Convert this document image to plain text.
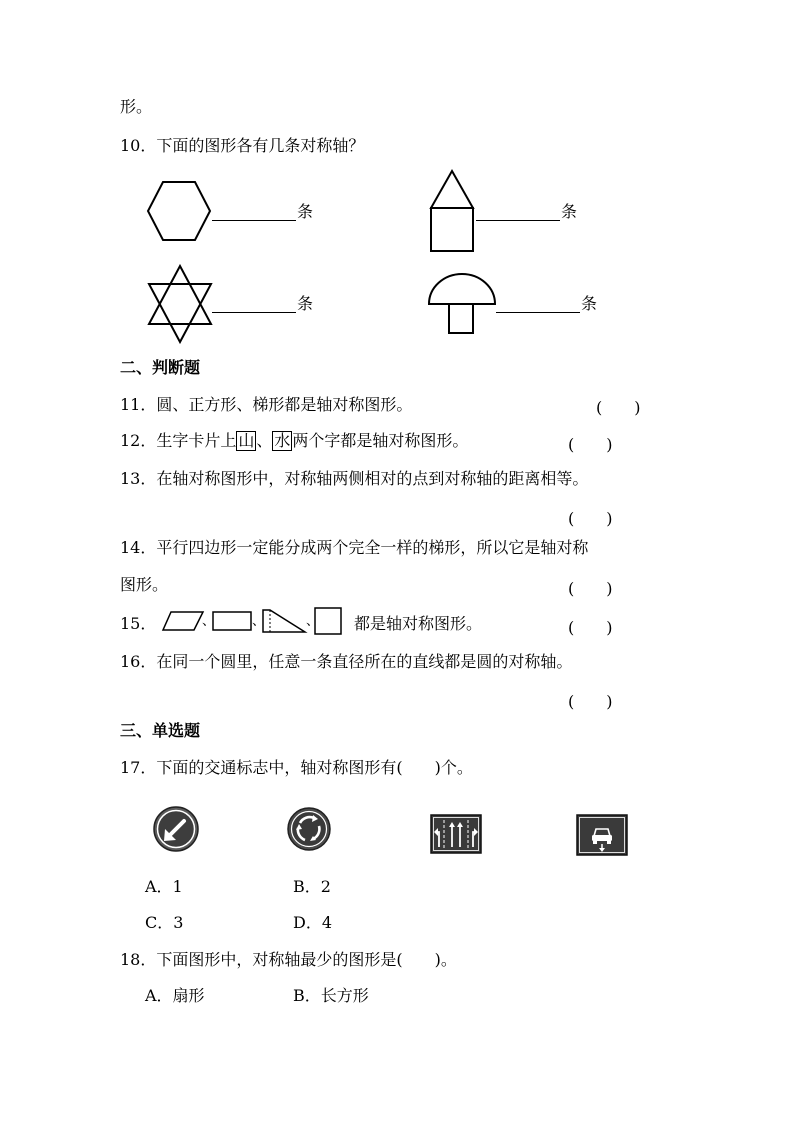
形。
10．下面的图形各有几条对称轴？
条	条
条	条
二、判断题
11．圆、正方形、梯形都是轴对称图形。	(　　)
12．生字卡片上 山 、 水 两个字都是轴对称图形。	(　　)
13．在轴对称图形中，对称轴两侧相对的点到对称轴的距离相等。
(　　)
14．平行四边形一定能分成两个完全一样的梯形，所以它是轴对称
图形。	(　　)
15．	、	、	、 都是轴对称图形。	(　　)
16．在同一个圆里，任意一条直径所在的直线都是圆的对称轴。
(　　)
三、单选题
17．下面的交通标志中，轴对称图形有(　　)个。
A．1	B．2
C．3	D．4
18．下面图形中，对称轴最少的图形是(　　)。
A．扇形	B．长方形
